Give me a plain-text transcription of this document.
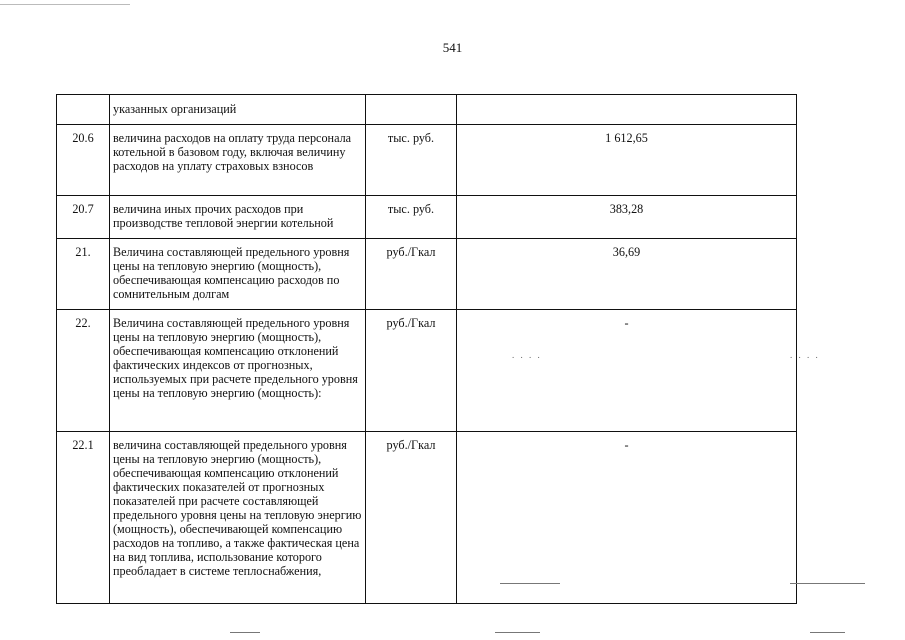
541
	указанных организаций		
20.6	величина расходов на оплату труда персонала котельной в базовом году, включая величину расходов на уплату страховых взносов	тыс. руб.	1 612,65
20.7	величина иных прочих расходов при производстве тепловой энергии котельной	тыс. руб.	383,28
21.	Величина составляющей предельного уровня цены на тепловую энергию (мощность), обеспечивающая компенсацию расходов по сомнительным долгам	руб./Гкал	36,69
22.	Величина составляющей предельного уровня цены на тепловую энергию (мощность), обеспечивающая компенсацию отклонений фактических индексов от прогнозных, используемых при расчете предельного уровня цены на тепловую энергию (мощность):	руб./Гкал	-
22.1	величина составляющей предельного уровня цены на тепловую энергию (мощность), обеспечивающая компенсацию отклонений фактических показателей от прогнозных показателей при расчете составляющей предельного уровня цены на тепловую энергию (мощность), обеспечивающей компенсацию расходов на топливо, а также фактическая цена на вид топлива, использование которого преобладает в системе теплоснабжения,	руб./Гкал	-
. . . .	. . . .
